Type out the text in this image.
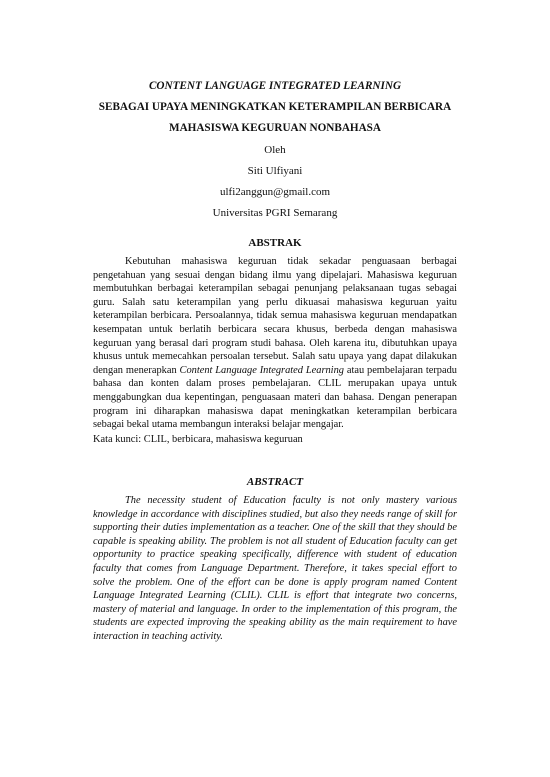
CONTENT LANGUAGE INTEGRATED LEARNING
SEBAGAI UPAYA MENINGKATKAN KETERAMPILAN BERBICARA
MAHASISWA KEGURUAN NONBAHASA
Oleh
Siti Ulfiyani
ulfi2anggun@gmail.com
Universitas PGRI Semarang
ABSTRAK
Kebutuhan mahasiswa keguruan tidak sekadar penguasaan berbagai pengetahuan yang sesuai dengan bidang ilmu yang dipelajari. Mahasiswa keguruan membutuhkan berbagai keterampilan sebagai penunjang pelaksanaan tugas sebagai guru. Salah satu keterampilan yang perlu dikuasai mahasiswa keguruan yaitu keterampilan berbicara. Persoalannya, tidak semua mahasiswa keguruan mendapatkan kesempatan untuk berlatih berbicara secara khusus, berbeda dengan mahasiswa keguruan yang berasal dari program studi bahasa. Oleh karena itu, dibutuhkan upaya khusus untuk memecahkan persoalan tersebut. Salah satu upaya yang dapat dilakukan dengan menerapkan Content Language Integrated Learning atau pembelajaran terpadu bahasa dan konten dalam proses pembelajaran. CLIL merupakan upaya untuk menggabungkan dua kepentingan, penguasaan materi dan bahasa. Dengan penerapan program ini diharapkan mahasiswa dapat meningkatkan keterampilan berbicara sebagai bekal utama membangun interaksi belajar mengajar.
Kata kunci: CLIL, berbicara, mahasiswa keguruan
ABSTRACT
The necessity student of Education faculty is not only mastery various knowledge in accordance with disciplines studied, but also they needs range of skill for supporting their duties implementation as a teacher. One of the skill that they should be capable is speaking ability. The problem is not all student of Education faculty can get opportunity to practice speaking specifically, difference with student of education faculty that comes from Language Department. Therefore, it takes special effort to solve the problem. One of the effort can be done is apply program named Content Language Integrated Learning (CLIL). CLIL is effort that integrate two concerns, mastery of material and language. In order to the implementation of this program, the students are expected improving the speaking ability as the main requirement to have interaction in teaching activity.
